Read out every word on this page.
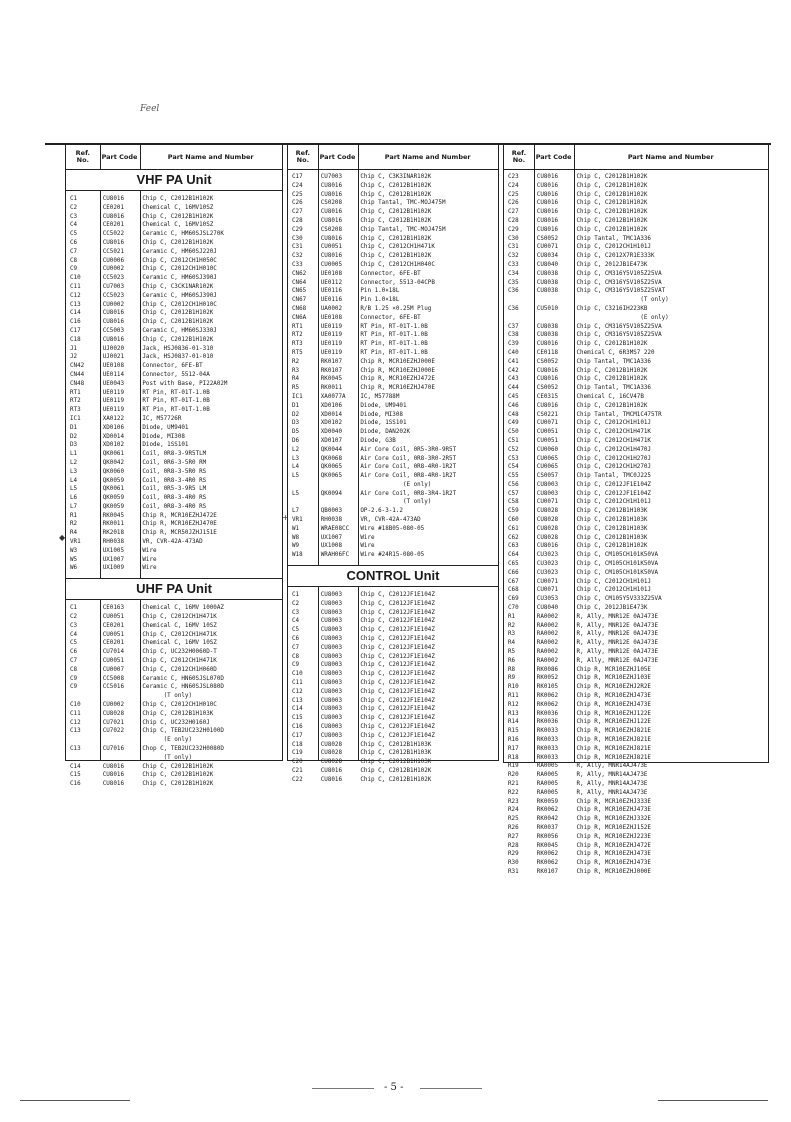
Feel
Ref.
No.	Part Code	Part Name and Number
VHF PA Unit
C1	CU8016	Chip C, C2012B1H102K
C2	CE0201	Chemical C, 16MV10SZ
C3	CU8016	Chip C, C2012B1H102K
C4	CE0201	Chemical C, 16MV10SZ
C5	CC5022	Ceramic C, HM60SJSL270K
C6	CU8016	Chip C, C2012B1H102K
C7	CC5021	Ceramic C, HM60SJ220J
C8	CU0006	Chip C, C2012CH1H050C
C9	CU0002	Chip C, C2012CH1H010C
C10	CC5023	Ceramic C, HM60SJ390J
C11	CU7003	Chip C, C3CK1NAR102K
C12	CC5023	Ceramic C, HM60SJ390J
C13	CU0002	Chip C, C2012CH1H010C
C14	CU8016	Chip C, C2012B1H102K
C16	CU8016	Chip C, C2012B1H102K
C17	CC5003	Ceramic C, HM60SJ330J
C18	CU8016	Chip C, C2012B1H102K
J1	UJ0020	Jack, HSJ0836-01-310
J2	UJ0021	Jack, HSJ0837-01-010
CN42	UE0108	Connector, 6FE-BT
CN44	UE0114	Connector, 5512-04A
CN48	UE0043	Post with Base, PI22A02M
RT1	UE0119	RT Pin, RT-01T-1.0B
RT2	UE0119	RT Pin, RT-01T-1.0B
RT3	UE0119	RT Pin, RT-01T-1.0B
IC1	XA0122	IC, M57726R
D1	XD0106	Diode, UM9401
D2	XD0014	Diode, MI308
D3	XD0102	Diode, 1SS101
L1	QK0061	Coil, 0R8-3-9R5TLM
L2	QK0042	Coil, 0R6-3-5R0 RM
L3	QK0060	Coil, 0R8-3-5R0 RS
L4	QK0059	Coil, 0R8-3-4R0 RS
L5	QK0061	Coil, 0R5-3-9R5 LM
L6	QK0059	Coil, 0R8-3-4R0 RS
L7	QK0059	Coil, 0R8-3-4R0 RS
R1	RK0045	Chip R, MCR10EZHJ472E
R2	RK0011	Chip R, MCR10EZHJ470E
R4	RK2018	Chip R, MCR50JZHJ151E
VR1	RH0038	VR, CVR-42A-473AD
W3	UX1005	Wire
W5	UX1007	Wire
W6	UX1009	Wire
UHF PA Unit
C1	CE0163	Chemical C, 16MV 1000AZ
C2	CU0051	Chip C, C2012CH1H471K
C3	CE0201	Chemical C, 16MV 10SZ
C4	CU0051	Chip C, C2012CH1H471K
C5	CE0201	Chemical C, 16MV 10SZ
C6	CU7014	Chip C, UC232H0060D-T
C7	CU0051	Chip C, C2012CH1H471K
C8	CU0007	Chip C, C2012CH1H060D
C9	CC5008	Ceramic C, HN60SJSL070D
C9	CC5016	Ceramic C, HN60SJSL080D
(T only)
C10	CU0002	Chip C, C2012CH1H010C
C11	CU8028	Chip C, C2012B1H103K
C12	CU7021	Chip C, UC232H0160J
C13	CU7022	Chip C, TEB2UC232H0100D
(E only)
C13	CU7016	Chop C, TEB2UC232H0080D
(T only)
C14	CU8016	Chip C, C2012B1H102K
C15	CU8016	Chip C, C2012B1H102K
C16	CU8016	Chip C, C2012B1H102K
Ref.
No.	Part Code	Part Name and Number
C17	CU7003	Chip C, C3K3INAR102K
C24	CU8016	Chip C, C2012B1H102K
C25	CU8016	Chip C, C2012B1H102K
C26	CS0208	Chip Tantal, TMC-MOJ475M
C27	CU8016	Chip C, C2012B1H102K
C28	CU8016	Chip C, C2012B1H102K
C29	CS0208	Chip Tantal, TMC-MOJ475M
C30	CU8016	Chip C, C2012B1H102K
C31	CU0051	Chip C, C2012CH1H471K
C32	CU8016	Chip C, C2012B1H102K
C33	CU0005	Chip C, C2012CH1H040C
CN62	UE0108	Connector, 6FE-BT
CN64	UE0112	Connector, 5513-04CPB
CN65	UE0116	Pin 1.0×18L
CN67	UE0116	Pin 1.0×18L
CN68	UA0002	R/B 1.25 ×0.25M Plug
CN6A	UE0108	Connector, 6FE-BT
RT1	UE0119	RT Pin, RT-01T-1.0B
RT2	UE0119	RT Pin, RT-01T-1.0B
RT3	UE0119	RT Pin, RT-01T-1.0B
RT5	UE0119	RT Pin, RT-01T-1.0B
R2	RK0107	Chip R, MCR10EZHJ000E
R3	RK0107	Chip R, MCR10EZHJ000E
R4	RK0045	Chip R, MCR10EZHJ472E
R5	RK0011	Chip R, MCR10EZHJ470E
IC1	XA0077A	IC, M57788M
D1	XD0106	Diode, UM9401
D2	XD0014	Diode, MI308
D3	XD0102	Diode, 1SS101
D5	XD0040	Diode, DAN202K
D6	XD0107	Diode, G3B
L2	QK0044	Air Core Coil, 0R5-3R0-9R5T
L3	QK0068	Air Core Coil, 0R8-3R0-2R5T
L4	QK0065	Air Core Coil, 0R8-4R0-1R2T
L5	QK0065	Air Core Coil, 0R8-4R0-1R2T
(E only)
L5	QK0094	Air Core Coil, 0R8-3R4-1R2T
(T only)
L7	QB0003	OP-2.6-3-1.2
VR1	RH0038	VR, CVR-42A-473AD
W1	WRAE08CC	Wire #18B05-080-05
W8	UX1007	Wire
W9	UX1008	Wire
W18	WRAH06FC	Wire #24R15-080-05
CONTROL Unit
C1	CU8003	Chip C, C2012JF1E104Z
C2	CU8003	Chip C, C2012JF1E104Z
C3	CU8003	Chip C, C2012JF1E104Z
C4	CU8003	Chip C, C2012JF1E104Z
C5	CU8003	Chip C, C2012JF1E104Z
C6	CU8003	Chip C, C2012JF1E104Z
C7	CU8003	Chip C, C2012JF1E104Z
C8	CU8003	Chip C, C2012JF1E104Z
C9	CU8003	Chip C, C2012JF1E104Z
C10	CU8003	Chip C, C2012JF1E104Z
C11	CU8003	Chip C, C2012JF1E104Z
C12	CU8003	Chip C, C2012JF1E104Z
C13	CU8003	Chip C, C2012JF1E104Z
C14	CU8003	Chip C, C2012JF1E104Z
C15	CU8003	Chip C, C2012JF1E104Z
C16	CU8003	Chip C, C2012JF1E104Z
C17	CU8003	Chip C, C2012JF1E104Z
C18	CU8028	Chip C, C2012B1H103K
C19	CU8028	Chip C, C2012B1H103K
C20	CU8028	Chip C, C2012B1H103K
C21	CU8016	Chip C, C2012B1H102K
C22	CU8016	Chip C, C2012B1H102K
Ref.
No.	Part Code	Part Name and Number
C23	CU8016	Chip C, C2012B1H102K
C24	CU8016	Chip C, C2012B1H102K
C25	CU8016	Chip C, C2012B1H102K
C26	CU8016	Chip C, C2012B1H102K
C27	CU8016	Chip C, C2012B1H102K
C28	CU8016	Chip C, C2012B1H102K
C29	CU8016	Chip C, C2012B1H102K
C30	CS0052	Chip Tantal, TMC1A336
C31	CU0071	Chip C, C2012CH1H101J
C32	CU8034	Chip C, C2012X7R1E333K
C33	CU8040	Chip C, 2012JB1E473K
C34	CU8038	Chip C, CM316Y5V105Z25VA
C35	CU8038	Chip C, CM316Y5V105Z25VA
C36	CU8038	Chip C, CM316Y5V105Z25VAT
(T only)
C36	CU5010	Chip C, C3216IH223KB
(E only)
C37	CU8038	Chip C, CM316Y5V105Z25VA
C38	CU8038	Chip C, CM316Y5V105Z25VA
C39	CU8016	Chip C, C2012B1H102K
C40	CE0118	Chemical C, 6R3MS7 220
C41	CS0052	Chip Tantal, TMC1A336
C42	CU8016	Chip C, C2012B1H102K
C43	CU8016	Chip C, C2012B1H102K
C44	CS0052	Chip Tantal, TMC1A336
C45	CE0315	Chemical C, 16CV47B
C46	CU8016	Chip C, C2012B1H102K
C48	CS0221	Chip Tantal, TMCM1C475TR
C49	CU0071	Chip C, C2012CH1H101J
C50	CU0051	Chip C, C2012CH1H471K
C51	CU0051	Chip C, C2012CH1H471K
C52	CU0060	Chip C, C2012CH1H470J
C53	CU0065	Chip C, C2012CH1H270J
C54	CU0065	Chip C, C2012CH1H270J
C55	CS0057	Chip Tantal, TMC0J225
C56	CU8003	Chip C, C2012JF1E104Z
C57	CU8003	Chip C, C2012JF1E104Z
C58	CU0071	Chip C, C2012CH1H101J
C59	CU8028	Chip C, C2012B1H103K
C60	CU8028	Chip C, C2012B1H103K
C61	CU8028	Chip C, C2012B1H103K
C62	CU8028	Chip C, C2012B1H103K
C63	CU8016	Chip C, C2012B1H102K
C64	CU3023	Chip C, CM105CH101K50VA
C65	CU3023	Chip C, CM105CH101K50VA
C66	CU3023	Chip C, CM105CH101K50VA
C67	CU0071	Chip C, C2012CH1H101J
C68	CU0071	Chip C, C2012CH1H101J
C69	CU3053	Chip C, CM105Y5V333Z25VA
C70	CU8040	Chip C, 2012JB1E473K
R1	RA0002	R, Ally, MNR12E 0AJ473E
R2	RA0002	R, Ally, MNR12E 0AJ473E
R3	RA0002	R, Ally, MNR12E 0AJ473E
R4	RA0002	R, Ally, MNR12E 0AJ473E
R5	RA0002	R, Ally, MNR12E 0AJ473E
R6	RA0002	R, Ally, MNR12E 0AJ473E
R8	RK0086	Chip R, MCR10EZHJ105E
R9	RK0052	Chip R, MCR10EZHJ103E
R10	RK0105	Chip R, MCR10EZHJ2R2E
R11	RK0062	Chip R, MCR10EZHJ473E
R12	RK0062	Chip R, MCR10EZHJ473E
R13	RK0036	Chip R, MCR10EZHJ122E
R14	RK0036	Chip R, MCR10EZHJ122E
R15	RK0033	Chip R, MCR10EZHJ821E
R16	RK0033	Chip R, MCR10EZHJ821E
R17	RK0033	Chip R, MCR10EZHJ821E
R18	RK0033	Chip R, MCR10EZHJ821E
R19	RA0005	R, Ally, MNR14AJ473E
R20	RA0005	R, Ally, MNR14AJ473E
R21	RA0005	R, Ally, MNR14AJ473E
R22	RA0005	R, Ally, MNR14AJ473E
R23	RK0059	Chip R, MCR10EZHJ333E
R24	RK0062	Chip R, MCR10EZHJ473E
R25	RK0042	Chip R, MCR10EZHJ332E
R26	RK0037	Chip R, MCR10EZHJ152E
R27	RK0056	Chip R, MCR10EZHJ223E
R28	RK0045	Chip R, MCR10EZHJ472E
R29	RK0062	Chip R, MCR10EZHJ473E
R30	RK0062	Chip R, MCR10EZHJ473E
R31	RK0107	Chip R, MCR10EZHJ000E
◆
+
- 5 -
